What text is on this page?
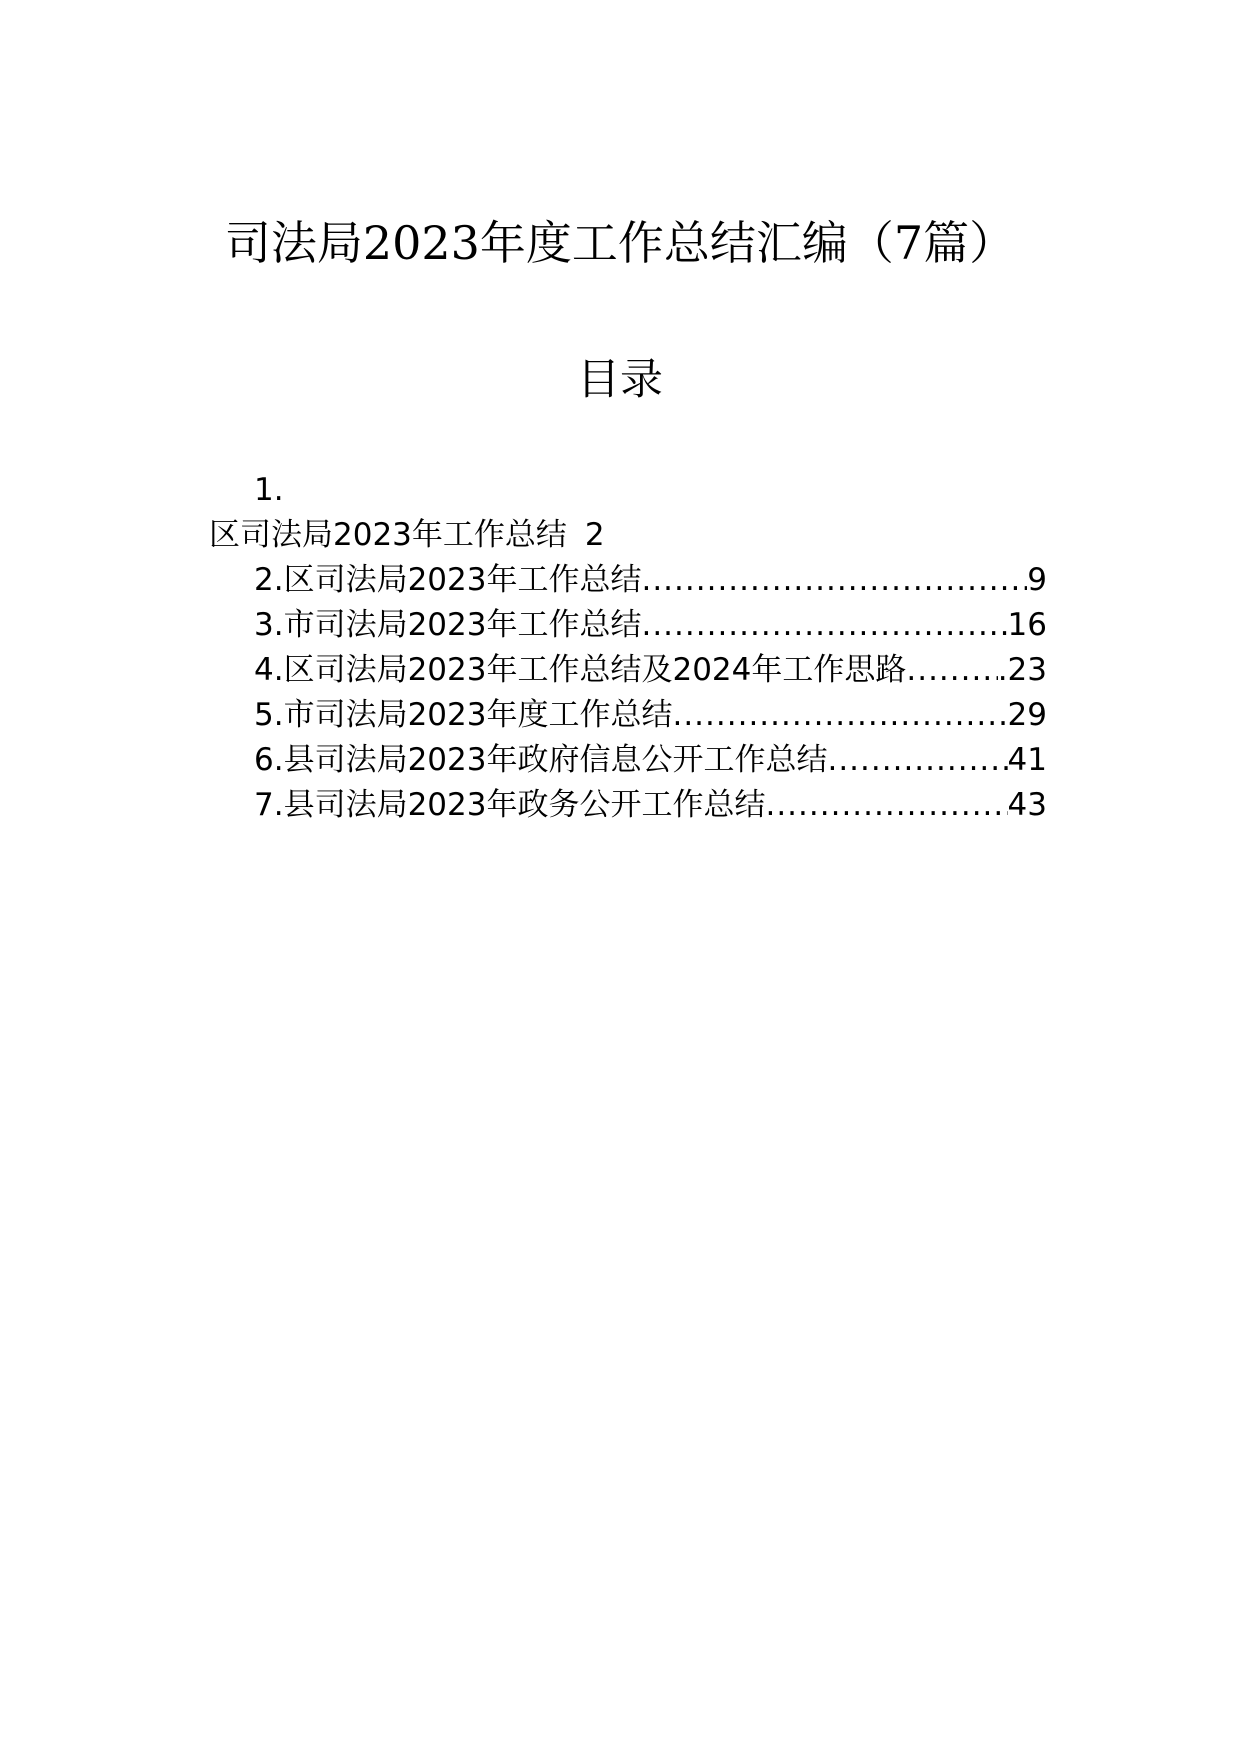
司法局2023年度工作总结汇编（7篇）
目录
1.
区司法局2023年工作总结 2
2.区司法局2023年工作总结 .....	9
3.市司法局2023年工作总结 .....	16
4.区司法局2023年工作总结及2024年工作思路 .....	.23
5.市司法局2023年度工作总结 .....	29
6.县司法局2023年政府信息公开工作总结 .....	41
7.县司法局2023年政务公开工作总结 .....	43
